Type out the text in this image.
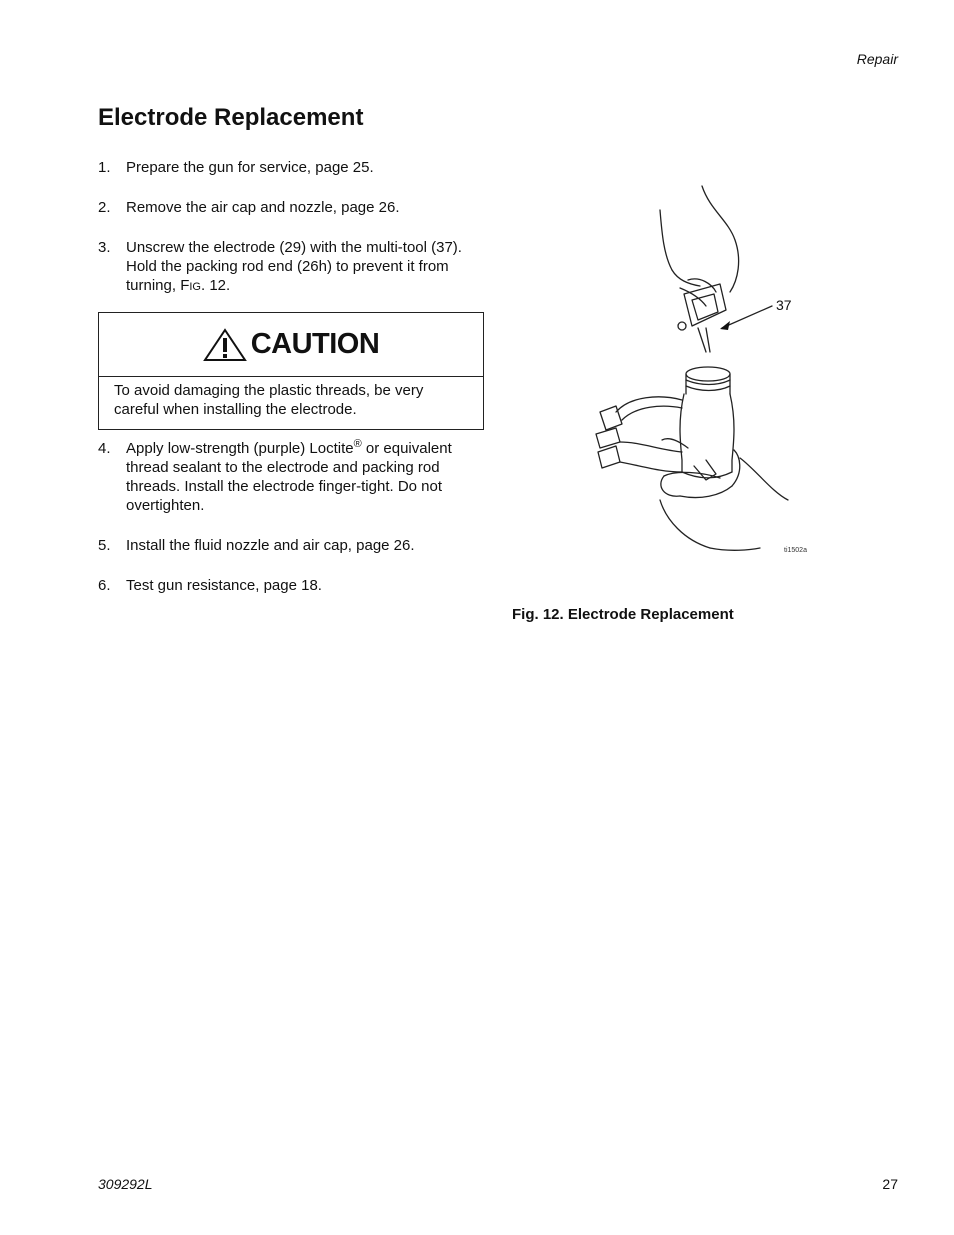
Repair
Electrode Replacement
1. Prepare the gun for service, page 25.
2. Remove the air cap and nozzle, page 26.
3. Unscrew the electrode (29) with the multi-tool (37). Hold the packing rod end (26h) to prevent it from turning, FIG. 12.
CAUTION
To avoid damaging the plastic threads, be very careful when installing the electrode.
4. Apply low-strength (purple) Loctite® or equivalent thread sealant to the electrode and packing rod threads. Install the electrode finger-tight. Do not overtighten.
5. Install the fluid nozzle and air cap, page 26.
6. Test gun resistance, page 18.
37
ti1502a
Fig. 12. Electrode Replacement
309292L	27
